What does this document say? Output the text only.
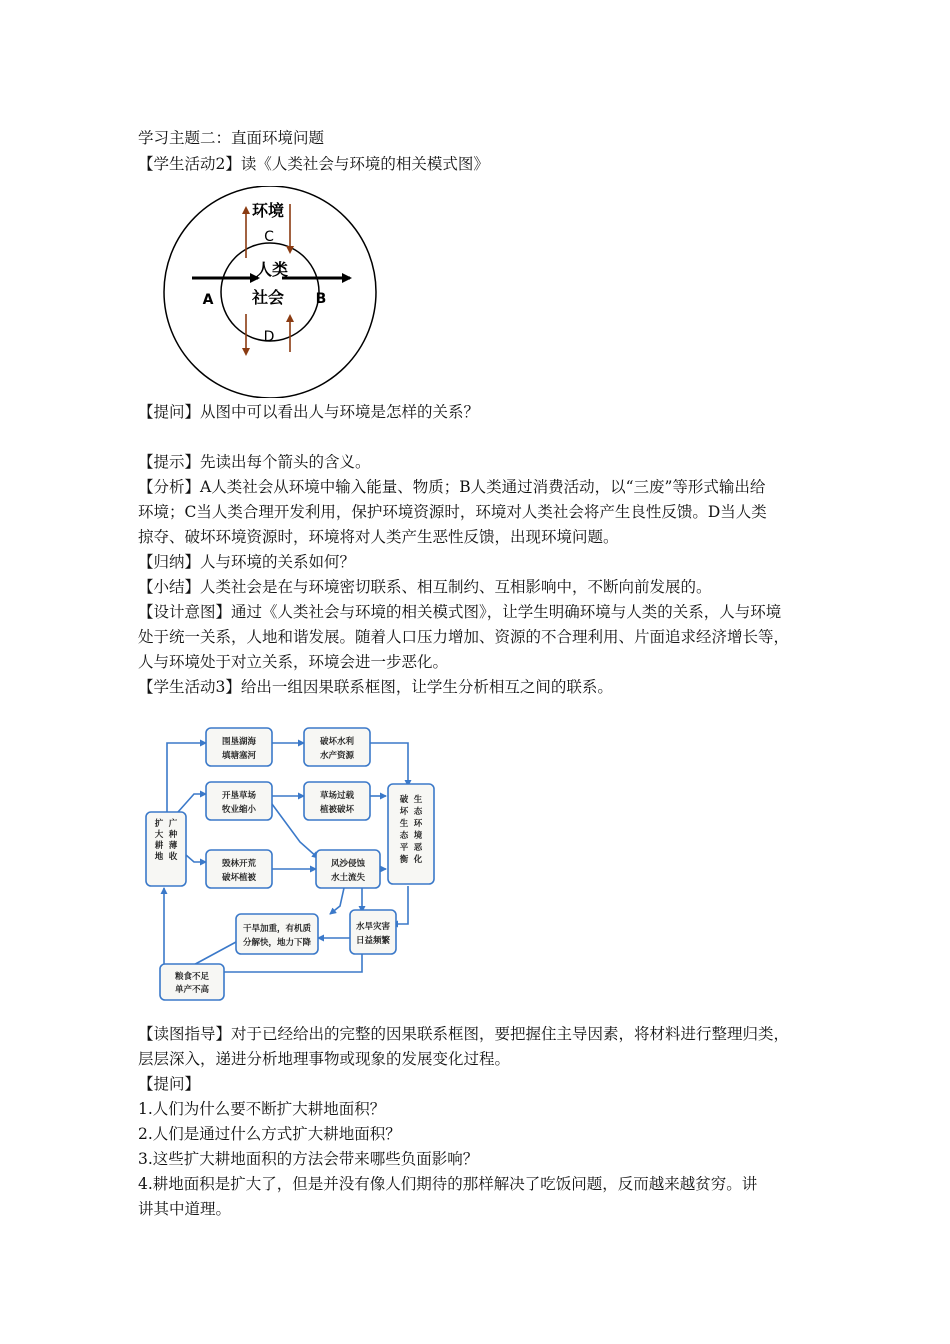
学习主题二：直面环境问题
【学生活动2】读《人类社会与环境的相关模式图》
环境
人类
社会
A	B
C
D
【提问】从图中可以看出人与环境是怎样的关系？
【提示】先读出每个箭头的含义。
【分析】A人类社会从环境中输入能量、物质；B人类通过消费活动，以“三废”等形式输出给
环境；C当人类合理开发利用，保护环境资源时，环境对人类社会将产生良性反馈。D当人类
掠夺、破坏环境资源时，环境将对人类产生恶性反馈，出现环境问题。
【归纳】人与环境的关系如何？
【小结】人类社会是在与环境密切联系、相互制约、互相影响中，不断向前发展的。
【设计意图】通过《人类社会与环境的相关模式图》，让学生明确环境与人类的关系，人与环境
处于统一关系，人地和谐发展。随着人口压力增加、资源的不合理利用、片面追求经济增长等，
人与环境处于对立关系，环境会进一步恶化。
【学生活动3】给出一组因果联系框图，让学生分析相互之间的联系。
围垦湖海
填塘塞河
破坏水利
水产资源
开垦草场
牧业缩小
草场过载
植被破坏
毁林开荒
破坏植被
风沙侵蚀
水土流失
干旱加重，有机质
分解快，地力下降
水旱灾害
日益频繁
粮食不足
单产不高
扩大耕地
广种薄收
破坏生态平衡
生态环境恶化
【读图指导】对于已经给出的完整的因果联系框图，要把握住主导因素，将材料进行整理归类，
层层深入，递进分析地理事物或现象的发展变化过程。
【提问】
1.人们为什么要不断扩大耕地面积？
2.人们是通过什么方式扩大耕地面积？
3.这些扩大耕地面积的方法会带来哪些负面影响？
4.耕地面积是扩大了，但是并没有像人们期待的那样解决了吃饭问题，反而越来越贫穷。讲
讲其中道理。
